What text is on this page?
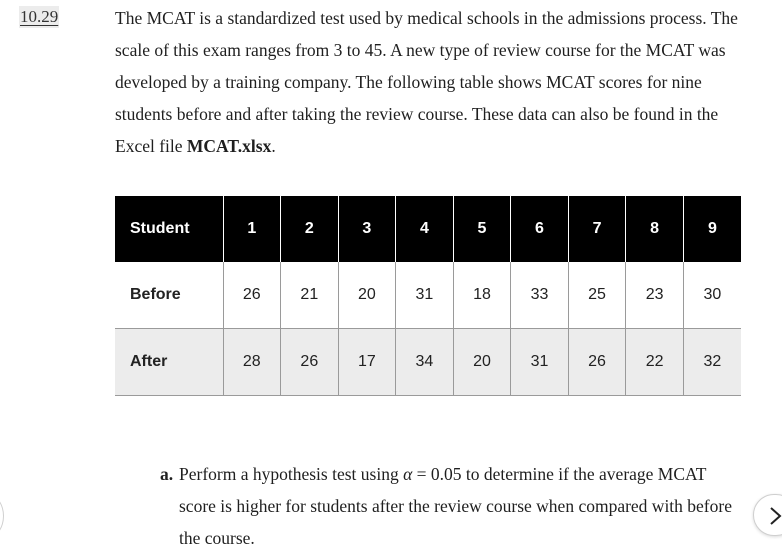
10.29	The MCAT is a standardized test used by medical schools in the admissions process. The scale of this exam ranges from 3 to 45. A new type of review course for the MCAT was developed by a training company. The following table shows MCAT scores for nine students before and after taking the review course. These data can also be found in the Excel file MCAT.xlsx.

Student	1	2	3	4	5	6	7	8	9
Before	26	21	20	31	18	33	25	23	30
After	28	26	17	34	20	31	26	22	32
a. Perform a hypothesis test using α = 0.05 to determine if the average MCAT score is higher for students after the review course when compared with before the course.
